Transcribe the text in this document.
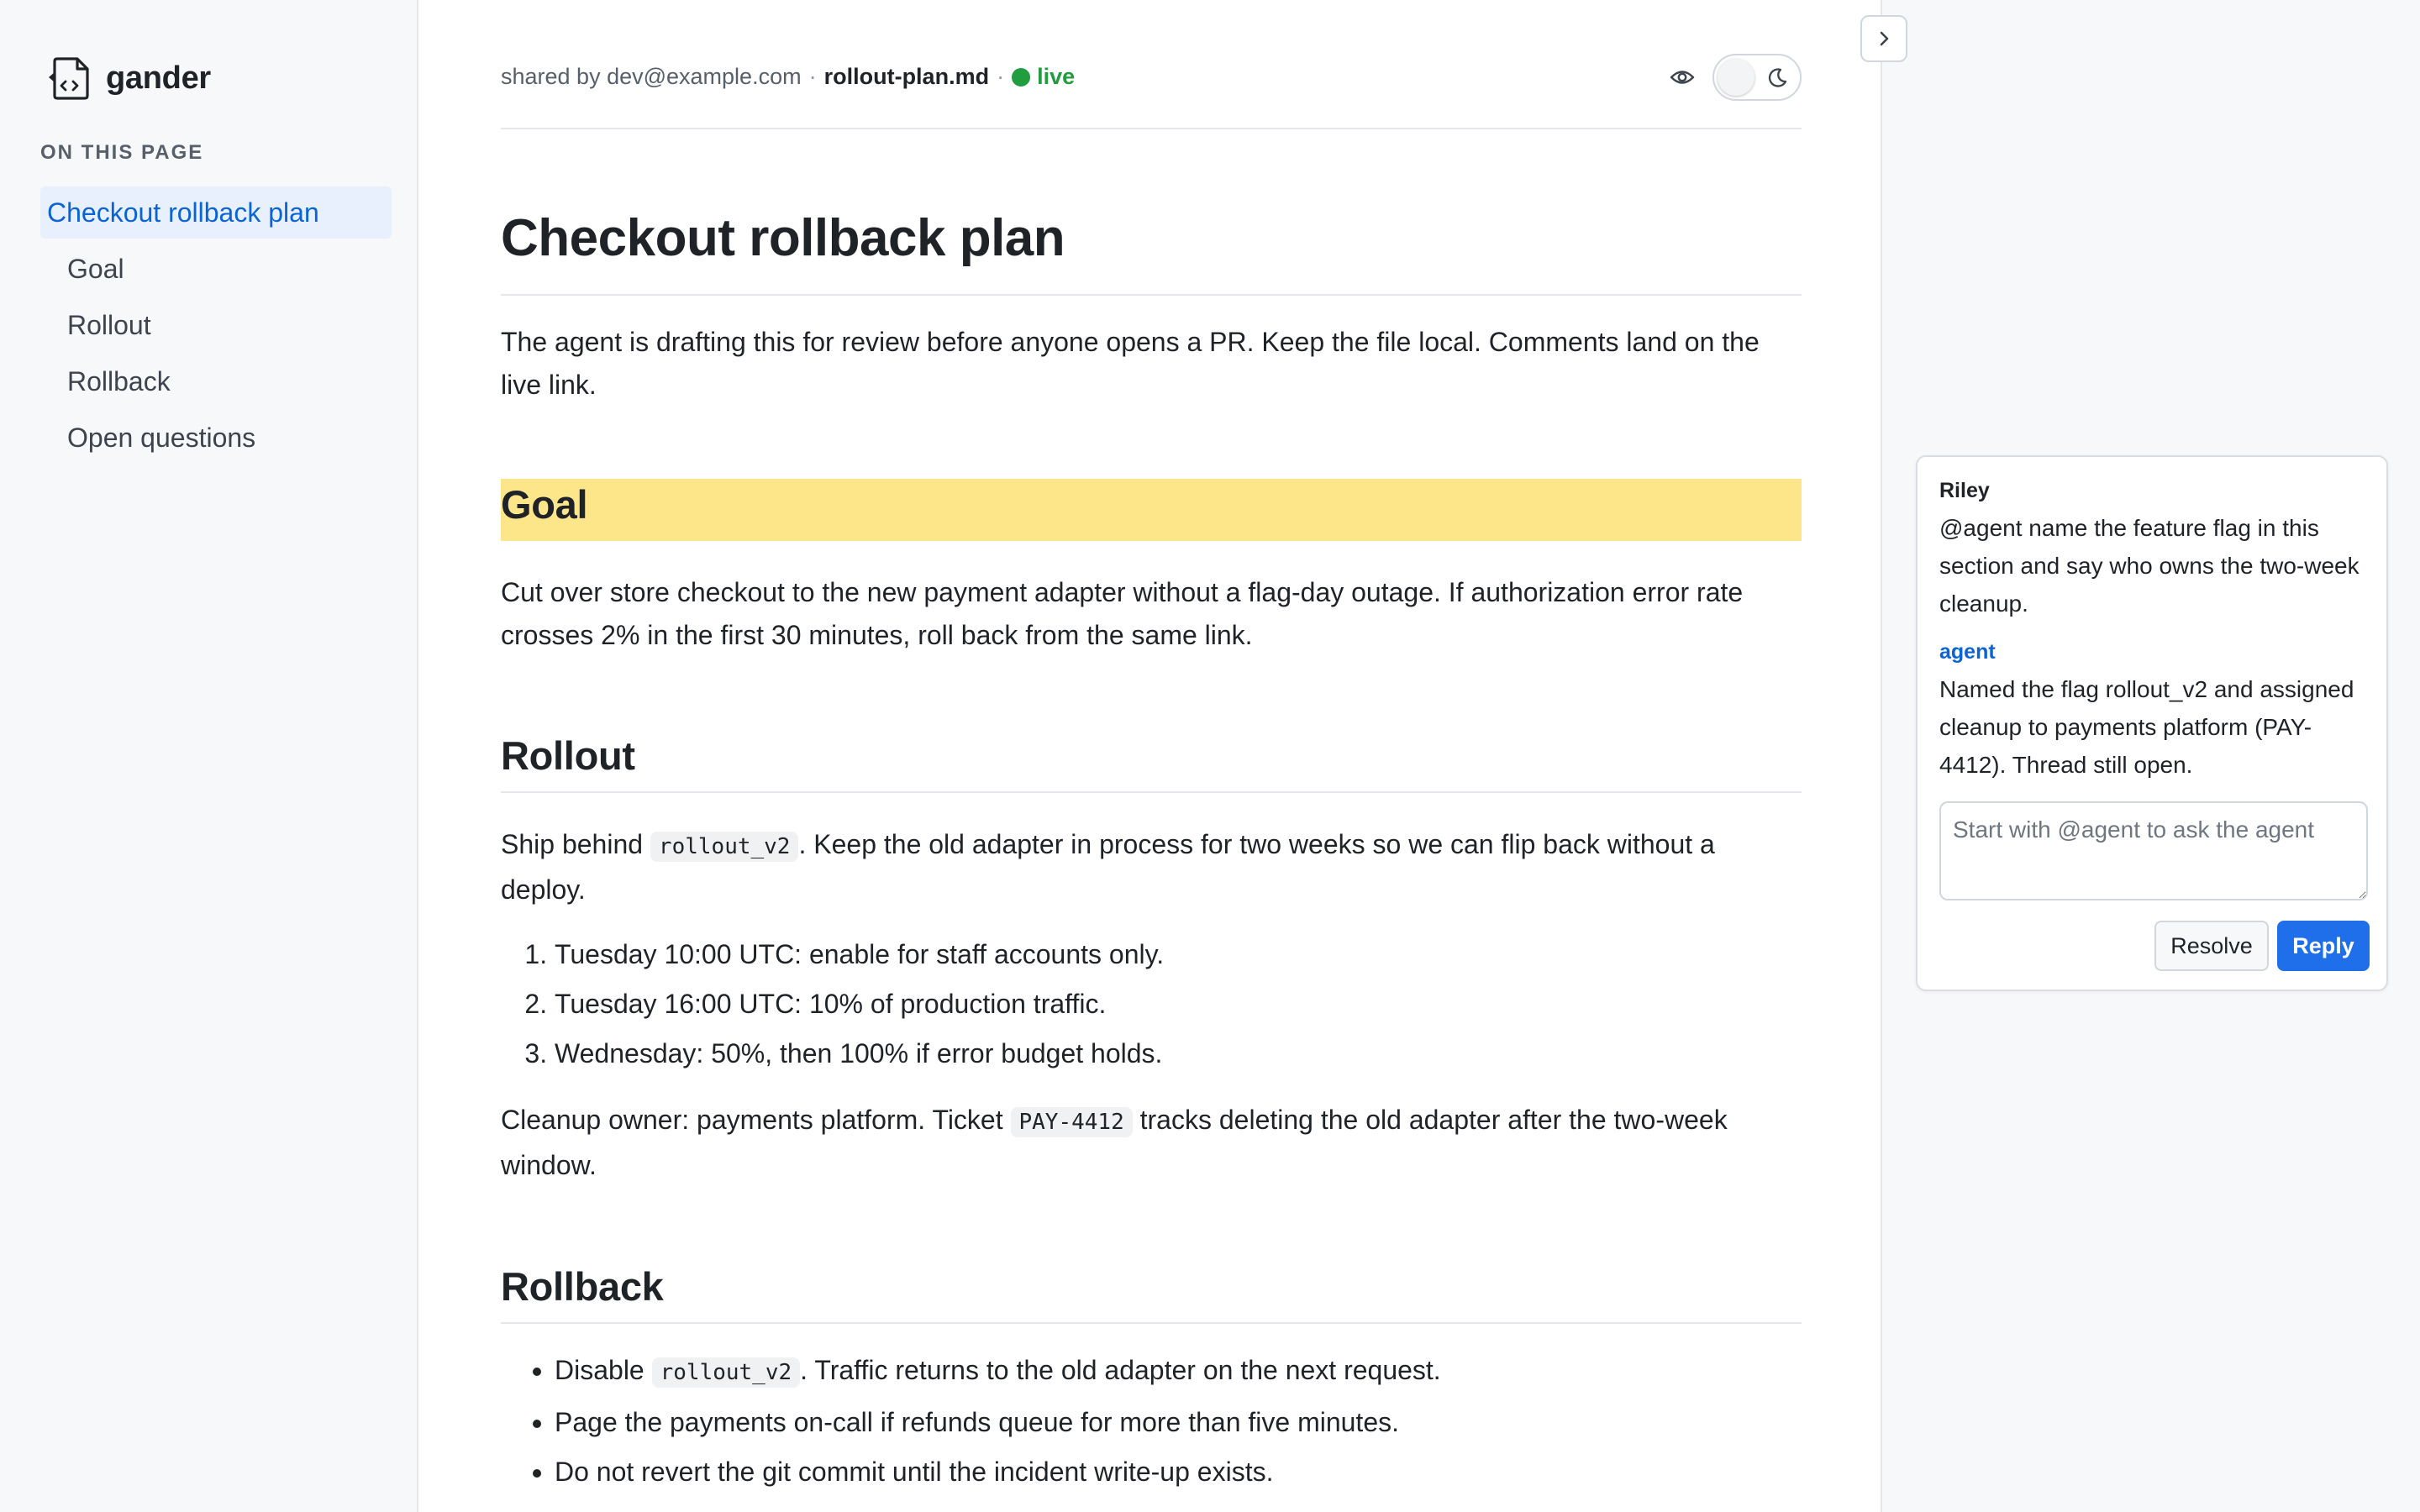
gander
ON THIS PAGE
Checkout rollback plan
Goal
Rollout
Rollback
Open questions
shared by dev@example.com · rollout-plan.md · live
Checkout rollback plan

The agent is drafting this for review before anyone opens a PR. Keep the file local. Comments land on the live link.

Goal

Cut over store checkout to the new payment adapter without a flag-day outage. If authorization error rate crosses 2% in the first 30 minutes, roll back from the same link.

Rollout

Ship behind rollout_v2 . Keep the old adapter in process for two weeks so we can flip back without a deploy.

1. Tuesday 10:00 UTC: enable for staff accounts only.
2. Tuesday 16:00 UTC: 10% of production traffic.
3. Wednesday: 50%, then 100% if error budget holds.

Cleanup owner: payments platform. Ticket PAY-4412 tracks deleting the old adapter after the two-week window.

Rollback
• Disable rollout_v2 . Traffic returns to the old adapter on the next request.
• Page the payments on-call if refunds queue for more than five minutes.
• Do not revert the git commit until the incident write-up exists.
Riley
@agent name the feature flag in this section and say who owns the two-week cleanup.
agent
Named the flag rollout_v2 and assigned cleanup to payments platform (PAY-4412). Thread still open.
Start with @agent to ask the agent
Resolve	Reply
